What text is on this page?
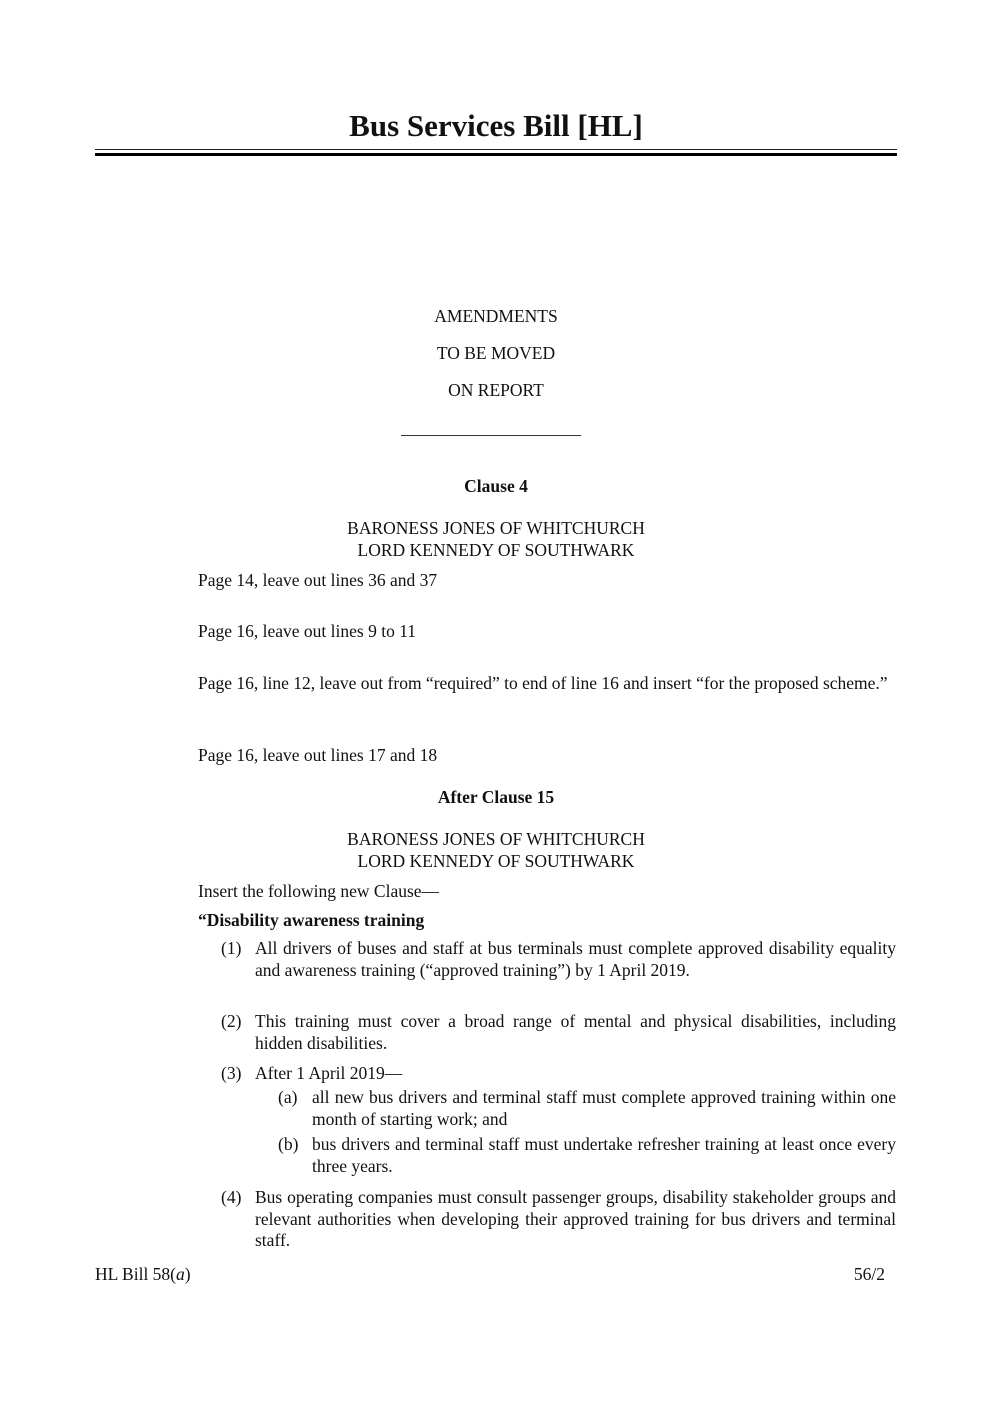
Bus Services Bill [HL]
AMENDMENTS
TO BE MOVED
ON REPORT
Clause 4
BARONESS JONES OF WHITCHURCH
LORD KENNEDY OF SOUTHWARK
Page 14, leave out lines 36 and 37
Page 16, leave out lines 9 to 11
Page 16, line 12, leave out from “required” to end of line 16 and insert “for the proposed scheme.”
Page 16, leave out lines 17 and 18
After Clause 15
BARONESS JONES OF WHITCHURCH
LORD KENNEDY OF SOUTHWARK
Insert the following new Clause—
“Disability awareness training
(1) All drivers of buses and staff at bus terminals must complete approved disability equality and awareness training (“approved training”) by 1 April 2019.
(2) This training must cover a broad range of mental and physical disabilities, including hidden disabilities.
(3) After 1 April 2019—
(a) all new bus drivers and terminal staff must complete approved training within one month of starting work; and
(b) bus drivers and terminal staff must undertake refresher training at least once every three years.
(4) Bus operating companies must consult passenger groups, disability stakeholder groups and relevant authorities when developing their approved training for bus drivers and terminal staff.
HL Bill 58(a)	56/2
